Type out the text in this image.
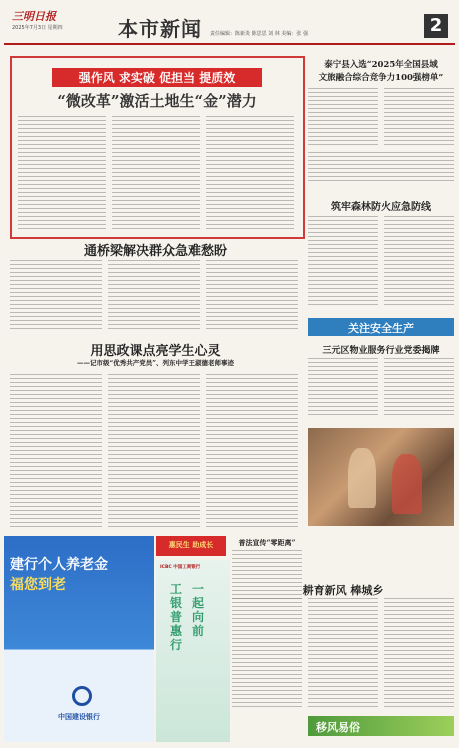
三明日报
2025年7月3日 星期四	本市新闻 责任编辑：陈新炎 陈思思 刘 林 美编：张 强	2
强作风 求实破 促担当 提质效
“微改革”激活土地生“金”潜力
泰宁县入选“2025年全国县域
文旅融合综合竞争力100强榜单”
筑牢森林防火应急防线
关注安全生产
三元区物业服务行业党委揭牌
通桥梁解决群众急难愁盼
用思政课点亮学生心灵
——记市级“优秀共产党员”、列东中学王淑德老师事迹
惠民生 助成长	普法宣传“零距离”
建行个人养老金
福您到老
中国建设银行
ICBC 中国工商银行
工银普惠行
一起向前
耕育新风 棒城乡
移风易俗
